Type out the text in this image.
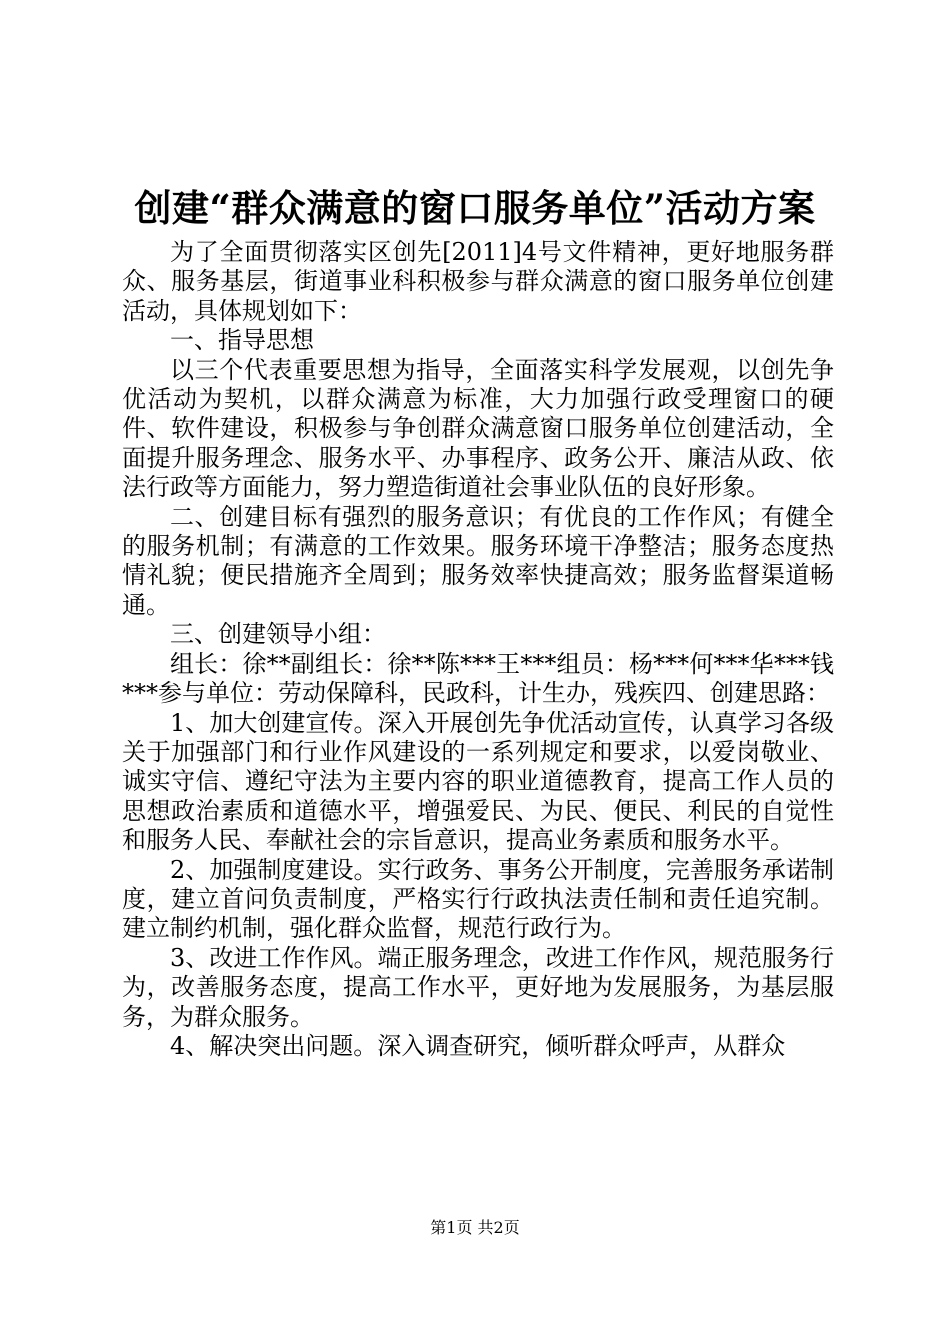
创建“群众满意的窗口服务单位”活动方案

为了全面贯彻落实区创先[2011]4号文件精神，更好地服务群众、服务基层，街道事业科积极参与群众满意的窗口服务单位创建活动，具体规划如下：

一、指导思想

以三个代表重要思想为指导，全面落实科学发展观，以创先争优活动为契机，以群众满意为标准，大力加强行政受理窗口的硬件、软件建设，积极参与争创群众满意窗口服务单位创建活动，全面提升服务理念、服务水平、办事程序、政务公开、廉洁从政、依法行政等方面能力，努力塑造街道社会事业队伍的良好形象。

二、创建目标有强烈的服务意识；有优良的工作作风；有健全的服务机制；有满意的工作效果。服务环境干净整洁；服务态度热情礼貌；便民措施齐全周到；服务效率快捷高效；服务监督渠道畅通。

三、创建领导小组：

组长：徐**副组长：徐**陈***王***组员：杨***何***华***钱***参与单位：劳动保障科，民政科，计生办，残疾四、创建思路：

1、加大创建宣传。深入开展创先争优活动宣传，认真学习各级关于加强部门和行业作风建设的一系列规定和要求，以爱岗敬业、诚实守信、遵纪守法为主要内容的职业道德教育，提高工作人员的思想政治素质和道德水平，增强爱民、为民、便民、利民的自觉性和服务人民、奉献社会的宗旨意识，提高业务素质和服务水平。

2、加强制度建设。实行政务、事务公开制度，完善服务承诺制度，建立首问负责制度，严格实行行政执法责任制和责任追究制。建立制约机制，强化群众监督，规范行政行为。

3、改进工作作风。端正服务理念，改进工作作风，规范服务行为，改善服务态度，提高工作水平，更好地为发展服务，为基层服务，为群众服务。

4、解决突出问题。深入调查研究，倾听群众呼声，从群众

第1页 共2页
